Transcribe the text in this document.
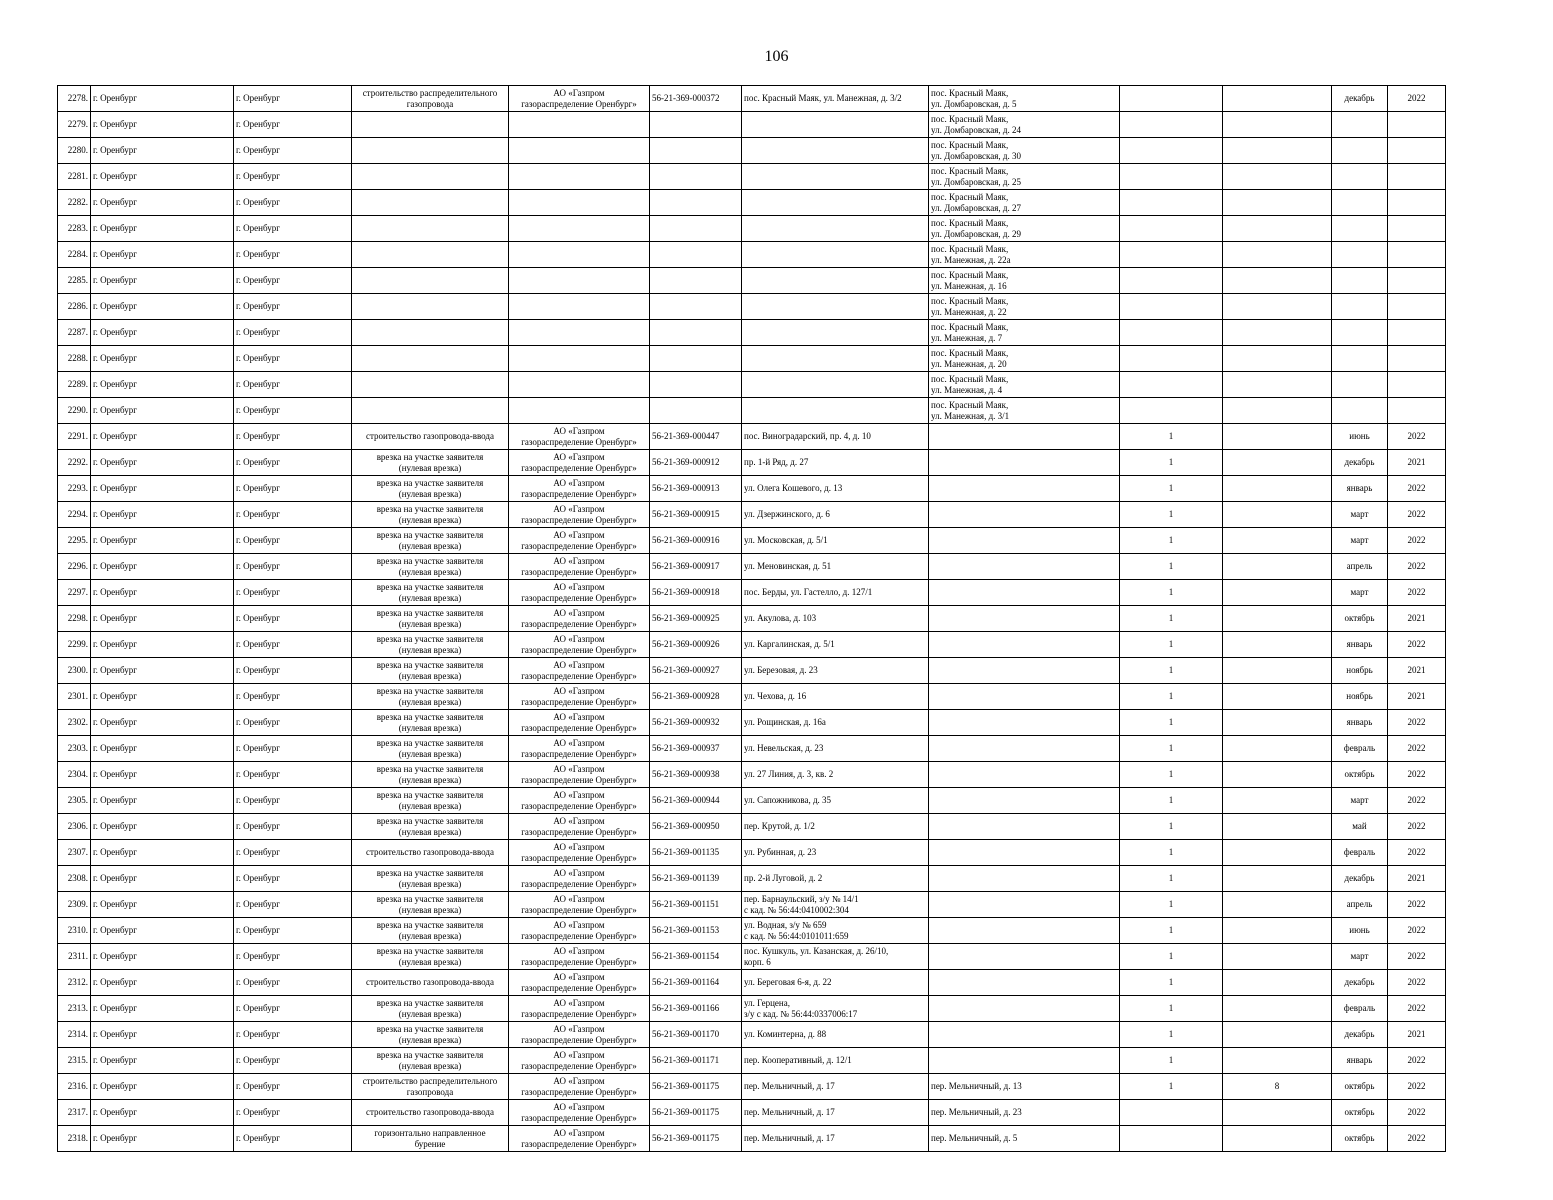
106
2278.	г. Оренбург	г. Оренбург	строительство распределительного
газопровода	АО «Газпром
газораспределение Оренбург»	56-21-369-000372	пос. Красный Маяк, ул. Манежная, д. 3/2	пос. Красный Маяк,
ул. Домбаровская, д. 5			декабрь	2022
2279.	г. Оренбург	г. Оренбург					пос. Красный Маяк,
ул. Домбаровская, д. 24				

2280.	г. Оренбург	г. Оренбург					пос. Красный Маяк,
ул. Домбаровская, д. 30				

2281.	г. Оренбург	г. Оренбург					пос. Красный Маяк,
ул. Домбаровская, д. 25				

2282.	г. Оренбург	г. Оренбург					пос. Красный Маяк,
ул. Домбаровская, д. 27				

2283.	г. Оренбург	г. Оренбург					пос. Красный Маяк,
ул. Домбаровская, д. 29				

2284.	г. Оренбург	г. Оренбург					пос. Красный Маяк,
ул. Манежная, д. 22а				

2285.	г. Оренбург	г. Оренбург					пос. Красный Маяк,
ул. Манежная, д. 16				

2286.	г. Оренбург	г. Оренбург					пос. Красный Маяк,
ул. Манежная, д. 22				

2287.	г. Оренбург	г. Оренбург					пос. Красный Маяк,
ул. Манежная, д. 7				

2288.	г. Оренбург	г. Оренбург					пос. Красный Маяк,
ул. Манежная, д. 20				

2289.	г. Оренбург	г. Оренбург					пос. Красный Маяк,
ул. Манежная, д. 4				

2290.	г. Оренбург	г. Оренбург					пос. Красный Маяк,
ул. Манежная, д. 3/1				

2291.	г. Оренбург	г. Оренбург	строительство газопровода-ввода	АО «Газпром
газораспределение Оренбург»	56-21-369-000447	пос. Виноградарский, пр. 4, д. 10		1		июнь	2022
2292.	г. Оренбург	г. Оренбург	врезка на участке заявителя
(нулевая врезка)	АО «Газпром
газораспределение Оренбург»	56-21-369-000912	пр. 1-й Ряд, д. 27		1		декабрь	2021
2293.	г. Оренбург	г. Оренбург	врезка на участке заявителя
(нулевая врезка)	АО «Газпром
газораспределение Оренбург»	56-21-369-000913	ул. Олега Кошевого, д. 13		1		январь	2022
2294.	г. Оренбург	г. Оренбург	врезка на участке заявителя
(нулевая врезка)	АО «Газпром
газораспределение Оренбург»	56-21-369-000915	ул. Дзержинского, д. 6		1		март	2022
2295.	г. Оренбург	г. Оренбург	врезка на участке заявителя
(нулевая врезка)	АО «Газпром
газораспределение Оренбург»	56-21-369-000916	ул. Московская, д. 5/1		1		март	2022
2296.	г. Оренбург	г. Оренбург	врезка на участке заявителя
(нулевая врезка)	АО «Газпром
газораспределение Оренбург»	56-21-369-000917	ул. Меновинская, д. 51		1		апрель	2022
2297.	г. Оренбург	г. Оренбург	врезка на участке заявителя
(нулевая врезка)	АО «Газпром
газораспределение Оренбург»	56-21-369-000918	пос. Берды, ул. Гастелло, д. 127/1		1		март	2022
2298.	г. Оренбург	г. Оренбург	врезка на участке заявителя
(нулевая врезка)	АО «Газпром
газораспределение Оренбург»	56-21-369-000925	ул. Акулова, д. 103		1		октябрь	2021
2299.	г. Оренбург	г. Оренбург	врезка на участке заявителя
(нулевая врезка)	АО «Газпром
газораспределение Оренбург»	56-21-369-000926	ул. Каргалинская, д. 5/1		1		январь	2022
2300.	г. Оренбург	г. Оренбург	врезка на участке заявителя
(нулевая врезка)	АО «Газпром
газораспределение Оренбург»	56-21-369-000927	ул. Березовая, д. 23		1		ноябрь	2021
2301.	г. Оренбург	г. Оренбург	врезка на участке заявителя
(нулевая врезка)	АО «Газпром
газораспределение Оренбург»	56-21-369-000928	ул. Чехова, д. 16		1		ноябрь	2021
2302.	г. Оренбург	г. Оренбург	врезка на участке заявителя
(нулевая врезка)	АО «Газпром
газораспределение Оренбург»	56-21-369-000932	ул. Рощинская, д. 16а		1		январь	2022
2303.	г. Оренбург	г. Оренбург	врезка на участке заявителя
(нулевая врезка)	АО «Газпром
газораспределение Оренбург»	56-21-369-000937	ул. Невельская, д. 23		1		февраль	2022
2304.	г. Оренбург	г. Оренбург	врезка на участке заявителя
(нулевая врезка)	АО «Газпром
газораспределение Оренбург»	56-21-369-000938	ул. 27 Линия, д. 3, кв. 2		1		октябрь	2022
2305.	г. Оренбург	г. Оренбург	врезка на участке заявителя
(нулевая врезка)	АО «Газпром
газораспределение Оренбург»	56-21-369-000944	ул. Сапожникова, д. 35		1		март	2022
2306.	г. Оренбург	г. Оренбург	врезка на участке заявителя
(нулевая врезка)	АО «Газпром
газораспределение Оренбург»	56-21-369-000950	пер. Крутой, д. 1/2		1		май	2022
2307.	г. Оренбург	г. Оренбург	строительство газопровода-ввода	АО «Газпром
газораспределение Оренбург»	56-21-369-001135	ул. Рубинная, д. 23		1		февраль	2022
2308.	г. Оренбург	г. Оренбург	врезка на участке заявителя
(нулевая врезка)	АО «Газпром
газораспределение Оренбург»	56-21-369-001139	пр. 2-й Луговой, д. 2		1		декабрь	2021
2309.	г. Оренбург	г. Оренбург	врезка на участке заявителя
(нулевая врезка)	АО «Газпром
газораспределение Оренбург»	56-21-369-001151	пер. Барнаульский, з/у № 14/1
с кад. № 56:44:0410002:304		1		апрель	2022
2310.	г. Оренбург	г. Оренбург	врезка на участке заявителя
(нулевая врезка)	АО «Газпром
газораспределение Оренбург»	56-21-369-001153	ул. Водная, з/у № 659
с кад. № 56:44:0101011:659		1		июнь	2022
2311.	г. Оренбург	г. Оренбург	врезка на участке заявителя
(нулевая врезка)	АО «Газпром
газораспределение Оренбург»	56-21-369-001154	пос. Кушкуль, ул. Казанская, д. 26/10,
корп. 6		1		март	2022
2312.	г. Оренбург	г. Оренбург	строительство газопровода-ввода	АО «Газпром
газораспределение Оренбург»	56-21-369-001164	ул. Береговая 6-я, д. 22		1		декабрь	2022
2313.	г. Оренбург	г. Оренбург	врезка на участке заявителя
(нулевая врезка)	АО «Газпром
газораспределение Оренбург»	56-21-369-001166	ул. Герцена,
з/у с кад. № 56:44:0337006:17		1		февраль	2022
2314.	г. Оренбург	г. Оренбург	врезка на участке заявителя
(нулевая врезка)	АО «Газпром
газораспределение Оренбург»	56-21-369-001170	ул. Коминтерна, д. 88		1		декабрь	2021
2315.	г. Оренбург	г. Оренбург	врезка на участке заявителя
(нулевая врезка)	АО «Газпром
газораспределение Оренбург»	56-21-369-001171	пер. Кооперативный, д. 12/1		1		январь	2022
2316.	г. Оренбург	г. Оренбург	строительство распределительного
газопровода	АО «Газпром
газораспределение Оренбург»	56-21-369-001175	пер. Мельничный, д. 17	пер. Мельничный, д. 13	1	8	октябрь	2022
2317.	г. Оренбург	г. Оренбург	строительство газопровода-ввода	АО «Газпром
газораспределение Оренбург»	56-21-369-001175	пер. Мельничный, д. 17	пер. Мельничный, д. 23			октябрь	2022
2318.	г. Оренбург	г. Оренбург	горизонтально направленное
бурение	АО «Газпром
газораспределение Оренбург»	56-21-369-001175	пер. Мельничный, д. 17	пер. Мельничный, д. 5			октябрь	2022
